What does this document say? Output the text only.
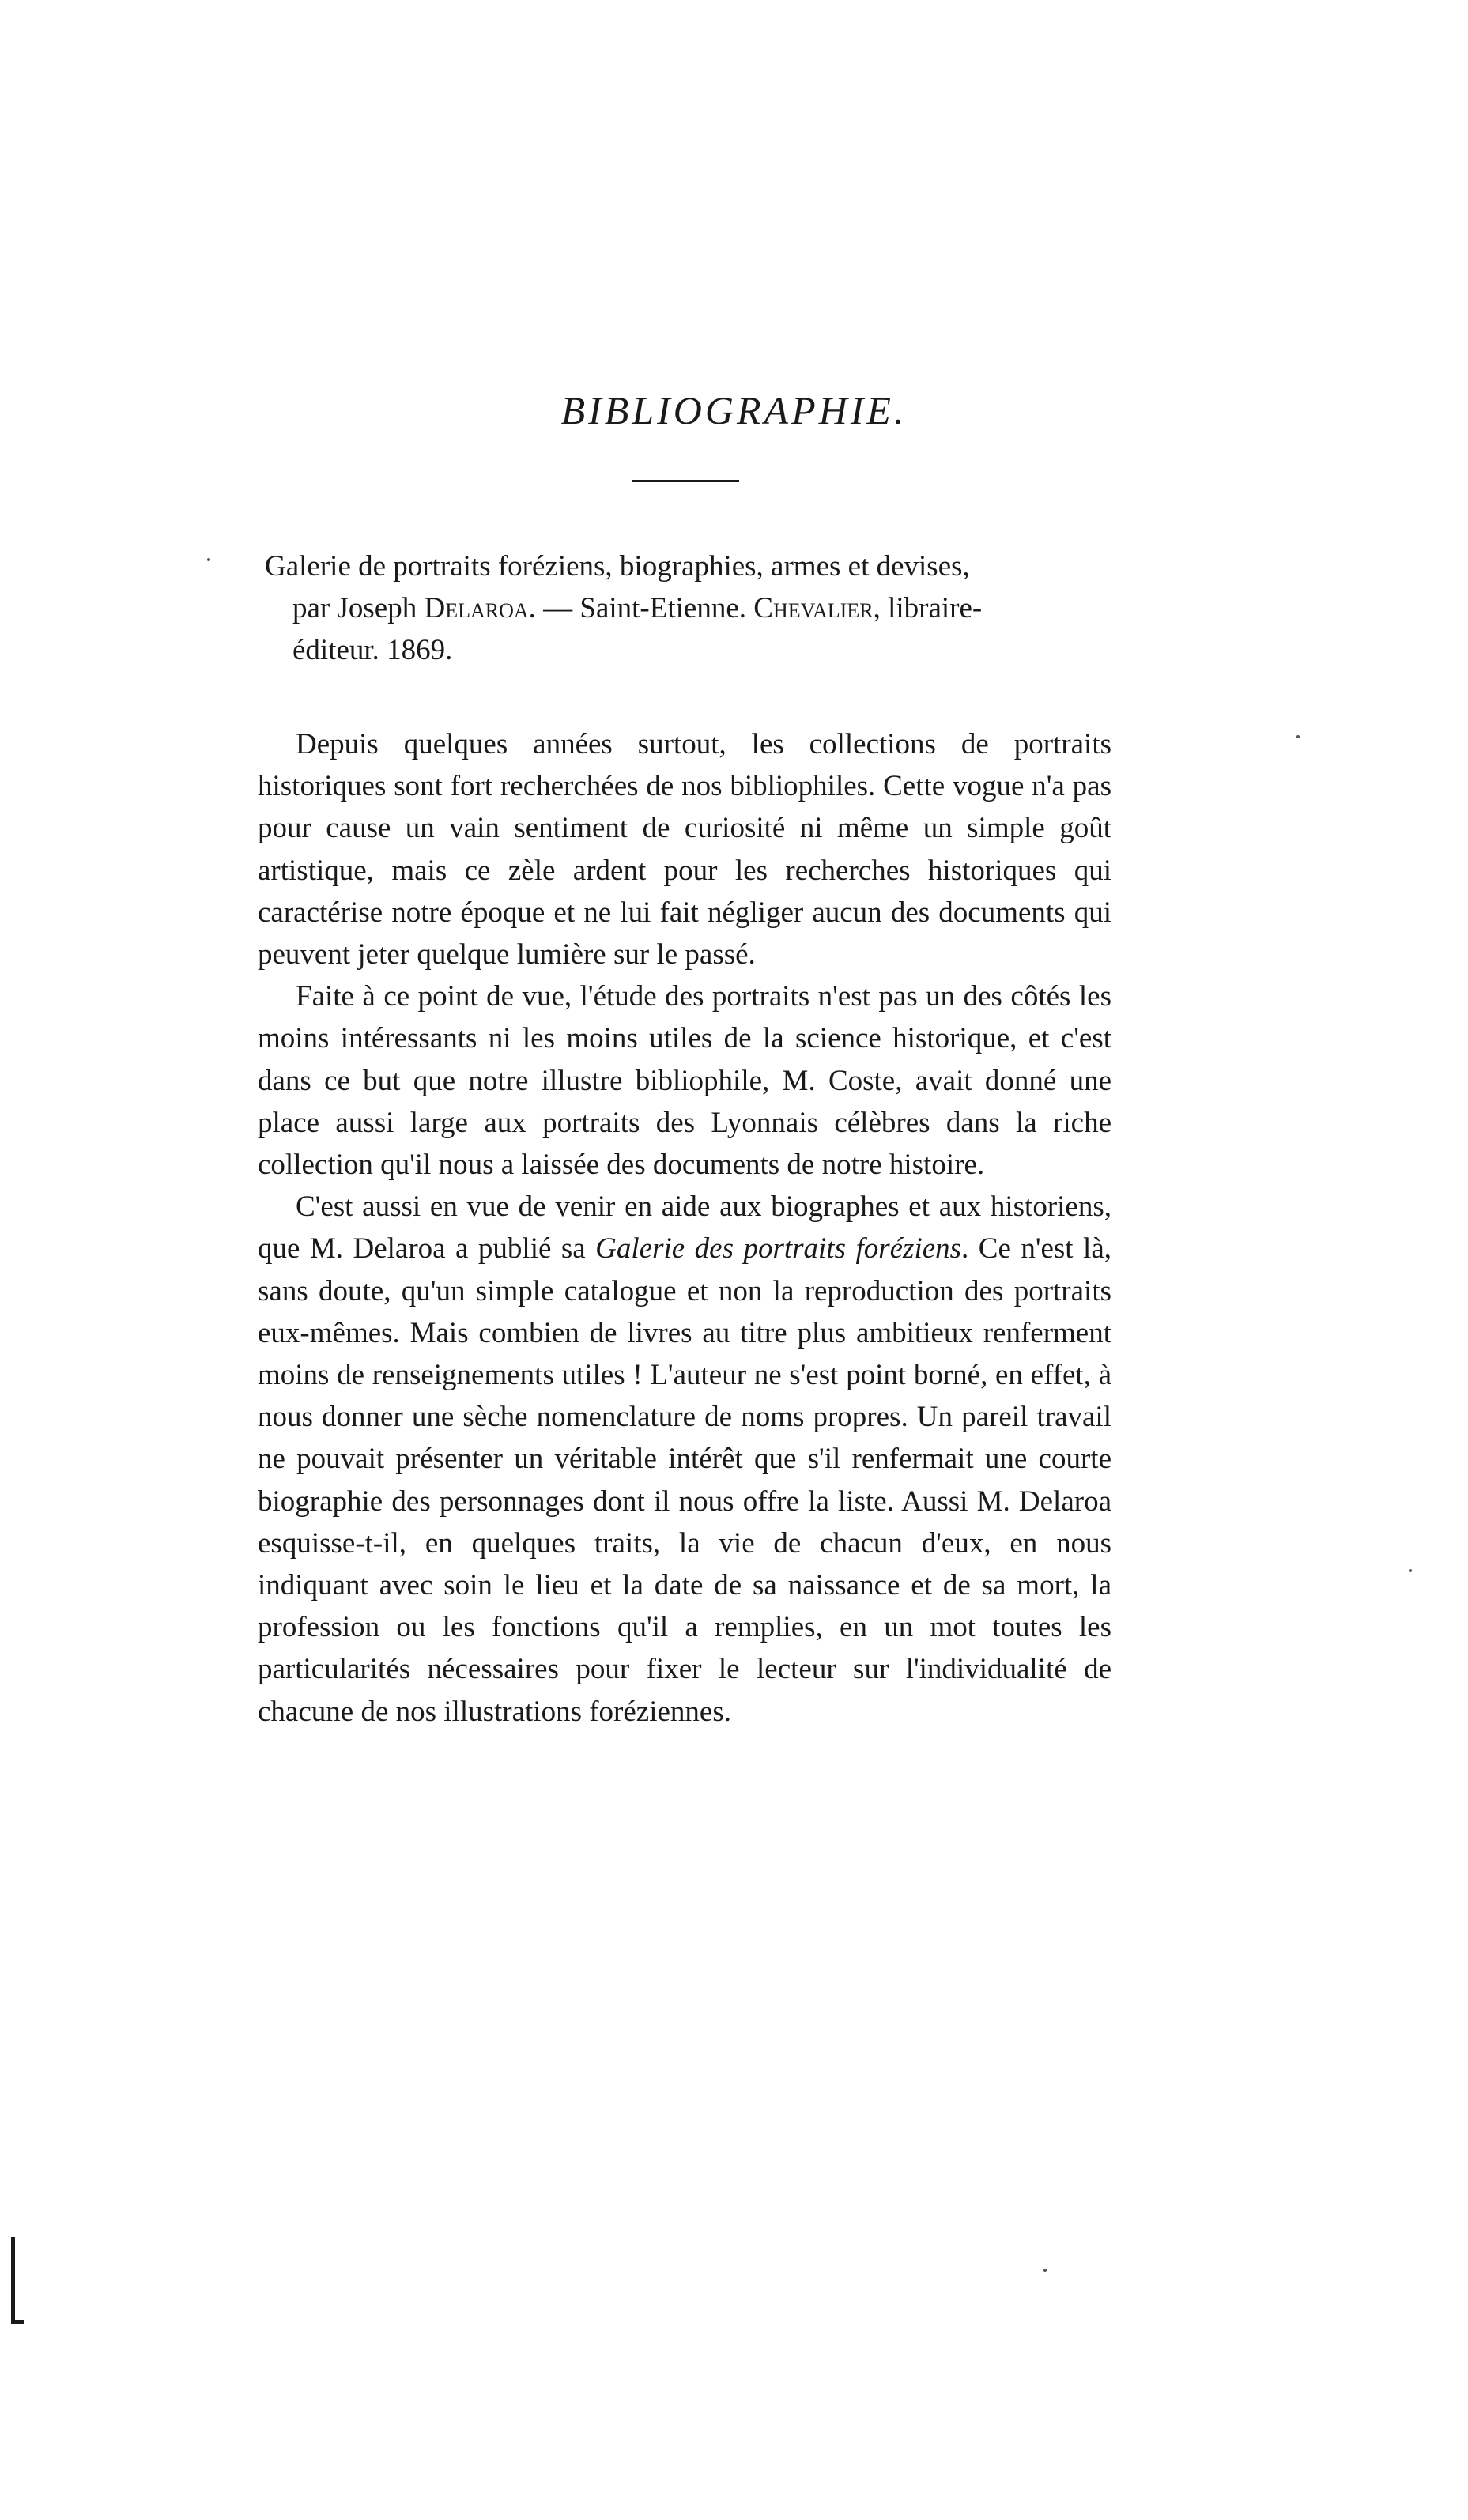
BIBLIOGRAPHIE.
Galerie de portraits foréziens, biographies, armes et devises,
par Joseph Delaroa. — Saint-Etienne. Chevalier, libraire-
éditeur. 1869.

Depuis quelques années surtout, les collections de portraits historiques sont fort recherchées de nos bibliophiles. Cette vogue n'a pas pour cause un vain sentiment de curiosité ni même un simple goût artistique, mais ce zèle ardent pour les recherches historiques qui caractérise notre époque et ne lui fait négliger aucun des documents qui peuvent jeter quelque lumière sur le passé.

Faite à ce point de vue, l'étude des portraits n'est pas un des côtés les moins intéressants ni les moins utiles de la science historique, et c'est dans ce but que notre illustre bibliophile, M. Coste, avait donné une place aussi large aux portraits des Lyonnais célèbres dans la riche collection qu'il nous a laissée des documents de notre histoire.

C'est aussi en vue de venir en aide aux biographes et aux historiens, que M. Delaroa a publié sa Galerie des portraits foréziens. Ce n'est là, sans doute, qu'un simple catalogue et non la reproduction des portraits eux-mêmes. Mais combien de livres au titre plus ambitieux renferment moins de renseignements utiles ! L'auteur ne s'est point borné, en effet, à nous donner une sèche nomenclature de noms propres. Un pareil travail ne pouvait présenter un véritable intérêt que s'il renfermait une courte biographie des personnages dont il nous offre la liste. Aussi M. Delaroa esquisse-t-il, en quelques traits, la vie de chacun d'eux, en nous indiquant avec soin le lieu et la date de sa naissance et de sa mort, la profession ou les fonctions qu'il a remplies, en un mot toutes les particularités nécessaires pour fixer le lecteur sur l'individualité de chacune de nos illustrations foréziennes.
